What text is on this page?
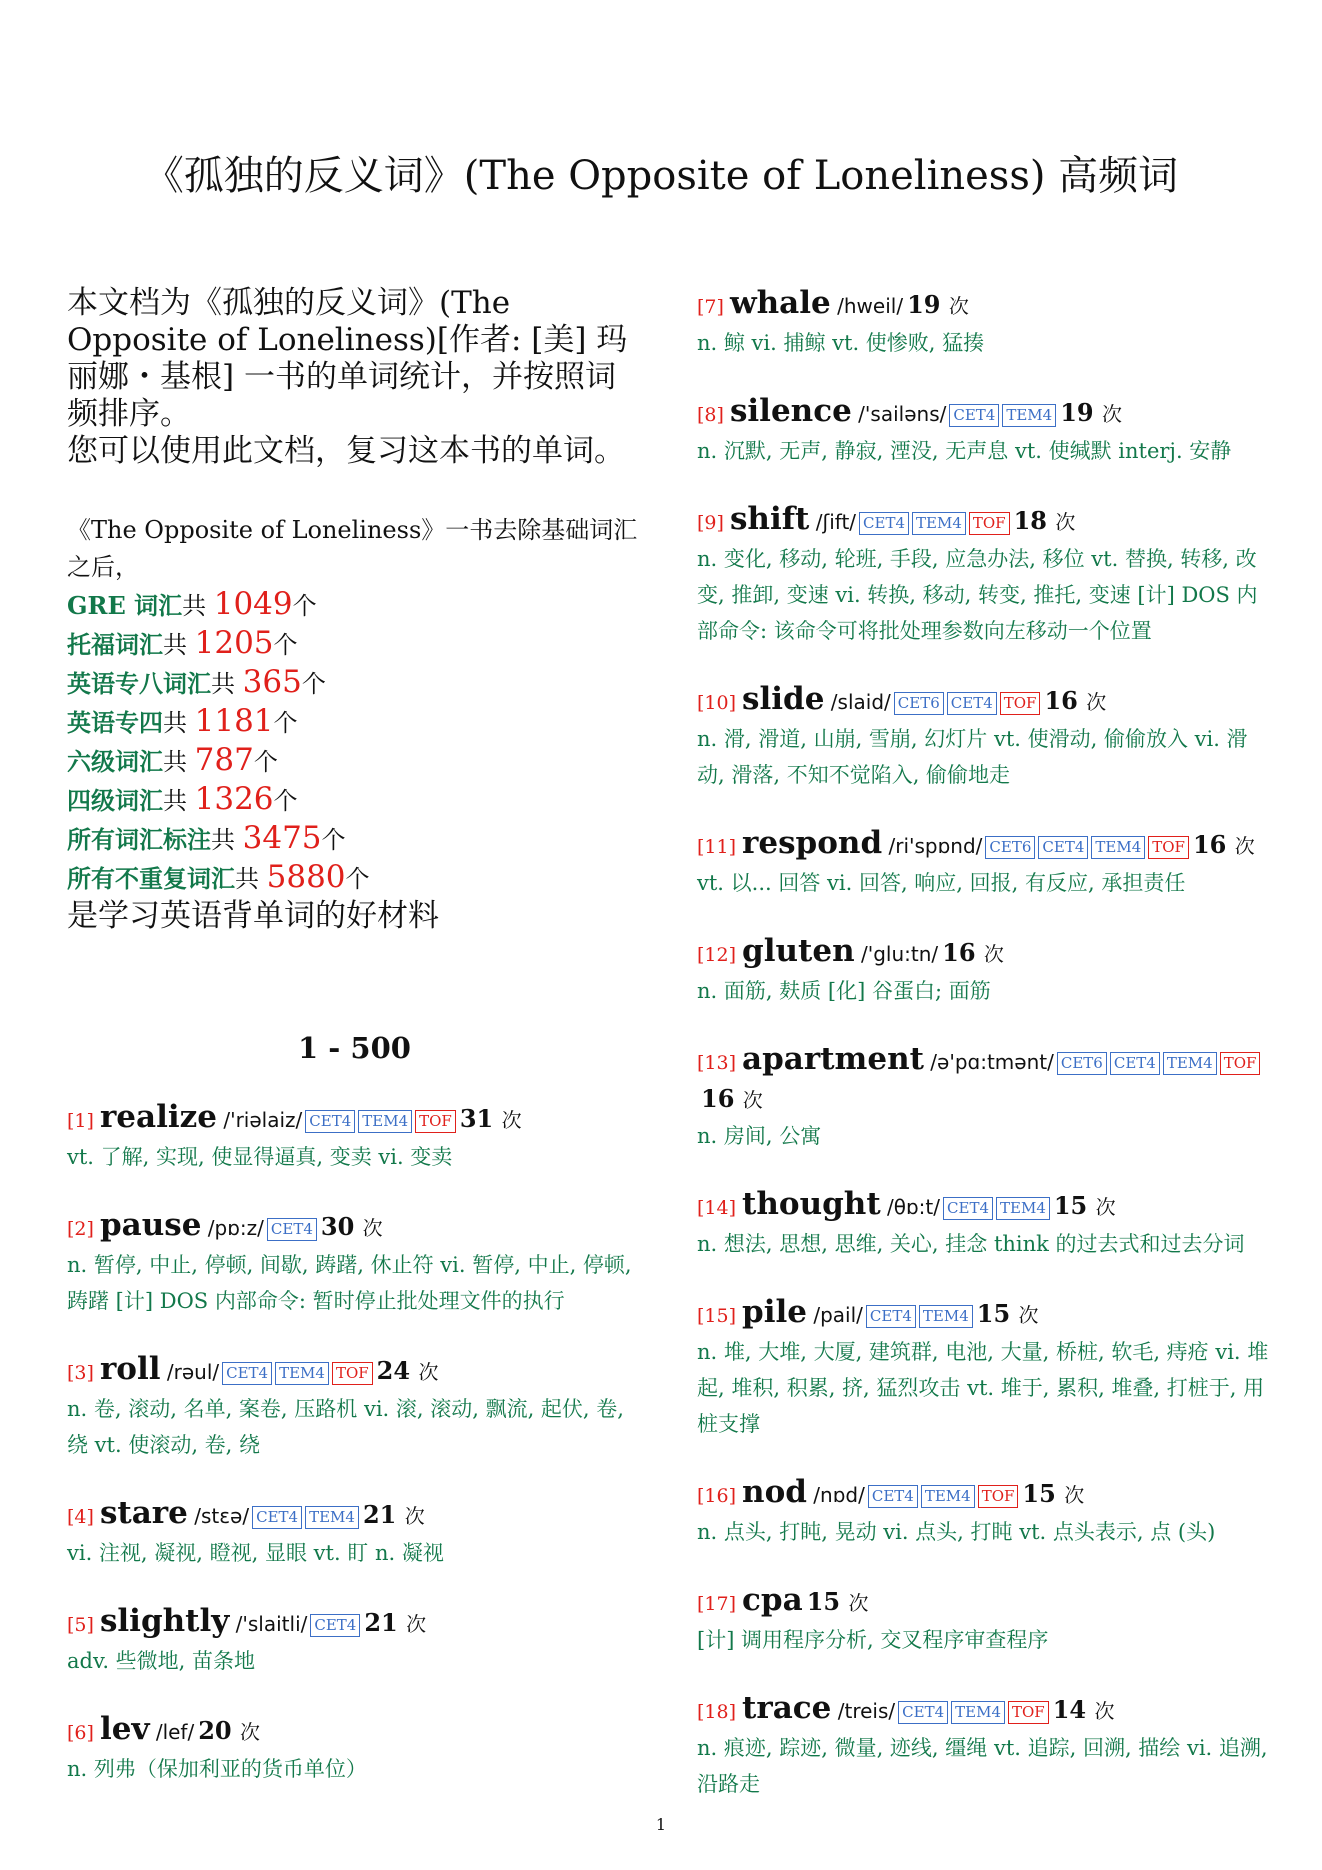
《孤独的反义词》(The Opposite of Loneliness) 高频词

本文档为《孤独的反义词》(The Opposite of Loneliness)[作者: [美] 玛丽娜・基根] 一书的单词统计，并按照词频排序。

您可以使用此文档，复习这本书的单词。

《The Opposite of Loneliness》一书去除基础词汇之后，

GRE 词汇共 1049个

托福词汇共 1205个

英语专八词汇共 365个

英语专四共 1181个

六级词汇共 787个

四级词汇共 1326个

所有词汇标注共 3475个

所有不重复词汇共 5880个

是学习英语背单词的好材料

1 - 500
[1] realize /'riəlaiz/ CET4 TEM4 TOF 31 次

vt. 了解, 实现, 使显得逼真, 变卖 vi. 变卖

[2] pause /pɒ:z/ CET4 30 次

n. 暂停, 中止, 停顿, 间歇, 踌躇, 休止符 vi. 暂停, 中止, 停顿, 踌躇 [计] DOS 内部命令: 暂时停止批处理文件的执行

[3] roll /rəul/ CET4 TEM4 TOF 24 次

n. 卷, 滚动, 名单, 案卷, 压路机 vi. 滚, 滚动, 飘流, 起伏, 卷, 绕 vt. 使滚动, 卷, 绕

[4] stare /stɛə/ CET4 TEM4 21 次

vi. 注视, 凝视, 瞪视, 显眼 vt. 盯 n. 凝视

[5] slightly /'slaitli/ CET4 21 次

adv. 些微地, 苗条地

[6] lev /lef/ 20 次

n. 列弗（保加利亚的货币单位）

[7] whale /hweil/ 19 次

n. 鲸 vi. 捕鲸 vt. 使惨败, 猛揍

[8] silence /'sailəns/ CET4 TEM4 19 次

n. 沉默, 无声, 静寂, 湮没, 无声息 vt. 使缄默 interj. 安静

[9] shift /ʃift/ CET4 TEM4 TOF 18 次

n. 变化, 移动, 轮班, 手段, 应急办法, 移位 vt. 替换, 转移, 改变, 推卸, 变速 vi. 转换, 移动, 转变, 推托, 变速 [计] DOS 内部命令: 该命令可将批处理参数向左移动一个位置

[10] slide /slaid/ CET6 CET4 TOF 16 次

n. 滑, 滑道, 山崩, 雪崩, 幻灯片 vt. 使滑动, 偷偷放入 vi. 滑动, 滑落, 不知不觉陷入, 偷偷地走

[11] respond /ri'spɒnd/ CET6 CET4 TEM4 TOF 16 次

vt. 以... 回答 vi. 回答, 响应, 回报, 有反应, 承担责任

[12] gluten /'glu:tn/ 16 次

n. 面筋, 麸质 [化] 谷蛋白; 面筋

[13] apartment /ə'pɑ:tmənt/ CET6 CET4 TEM4 TOF16 次

n. 房间, 公寓

[14] thought /θɒ:t/ CET4 TEM4 15 次

n. 想法, 思想, 思维, 关心, 挂念 think 的过去式和过去分词

[15] pile /pail/ CET4 TEM4 15 次

n. 堆, 大堆, 大厦, 建筑群, 电池, 大量, 桥桩, 软毛, 痔疮 vi. 堆起, 堆积, 积累, 挤, 猛烈攻击 vt. 堆于, 累积, 堆叠, 打桩于, 用桩支撑

[16] nod /nɒd/ CET4 TEM4 TOF 15 次

n. 点头, 打盹, 晃动 vi. 点头, 打盹 vt. 点头表示, 点 (头)

[17] cpa 15 次

[计] 调用程序分析, 交叉程序审查程序

[18] trace /treis/ CET4 TEM4 TOF 14 次

n. 痕迹, 踪迹, 微量, 迹线, 缰绳 vt. 追踪, 回溯, 描绘 vi. 追溯, 沿路走

1
